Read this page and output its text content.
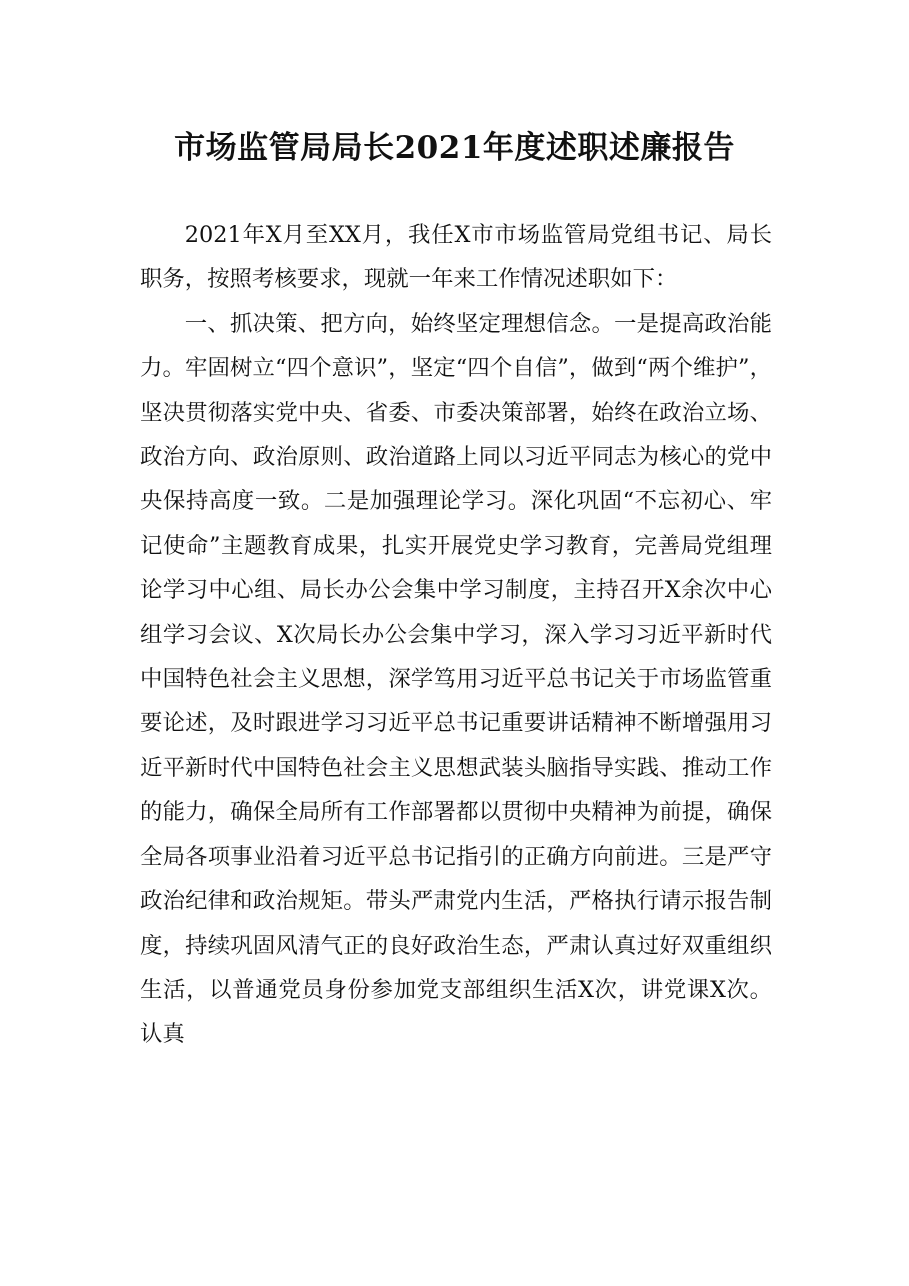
市场监管局局长2021年度述职述廉报告

2021年X月至XX月，我任X市市场监管局党组书记、局长职务，按照考核要求，现就一年来工作情况述职如下：

一、抓决策、把方向，始终坚定理想信念。一是提高政治能力。牢固树立“四个意识”，坚定“四个自信”，做到“两个维护”，坚决贯彻落实党中央、省委、市委决策部署，始终在政治立场、政治方向、政治原则、政治道路上同以习近平同志为核心的党中央保持高度一致。二是加强理论学习。深化巩固“不忘初心、牢记使命”主题教育成果，扎实开展党史学习教育，完善局党组理论学习中心组、局长办公会集中学习制度，主持召开X余次中心组学习会议、X次局长办公会集中学习，深入学习习近平新时代中国特色社会主义思想，深学笃用习近平总书记关于市场监管重要论述，及时跟进学习习近平总书记重要讲话精神不断增强用习近平新时代中国特色社会主义思想武装头脑指导实践、推动工作的能力，确保全局所有工作部署都以贯彻中央精神为前提，确保全局各项事业沿着习近平总书记指引的正确方向前进。三是严守政治纪律和政治规矩。带头严肃党内生活，严格执行请示报告制度，持续巩固风清气正的良好政治生态，严肃认真过好双重组织生活，以普通党员身份参加党支部组织生活X次，讲党课X次。认真
